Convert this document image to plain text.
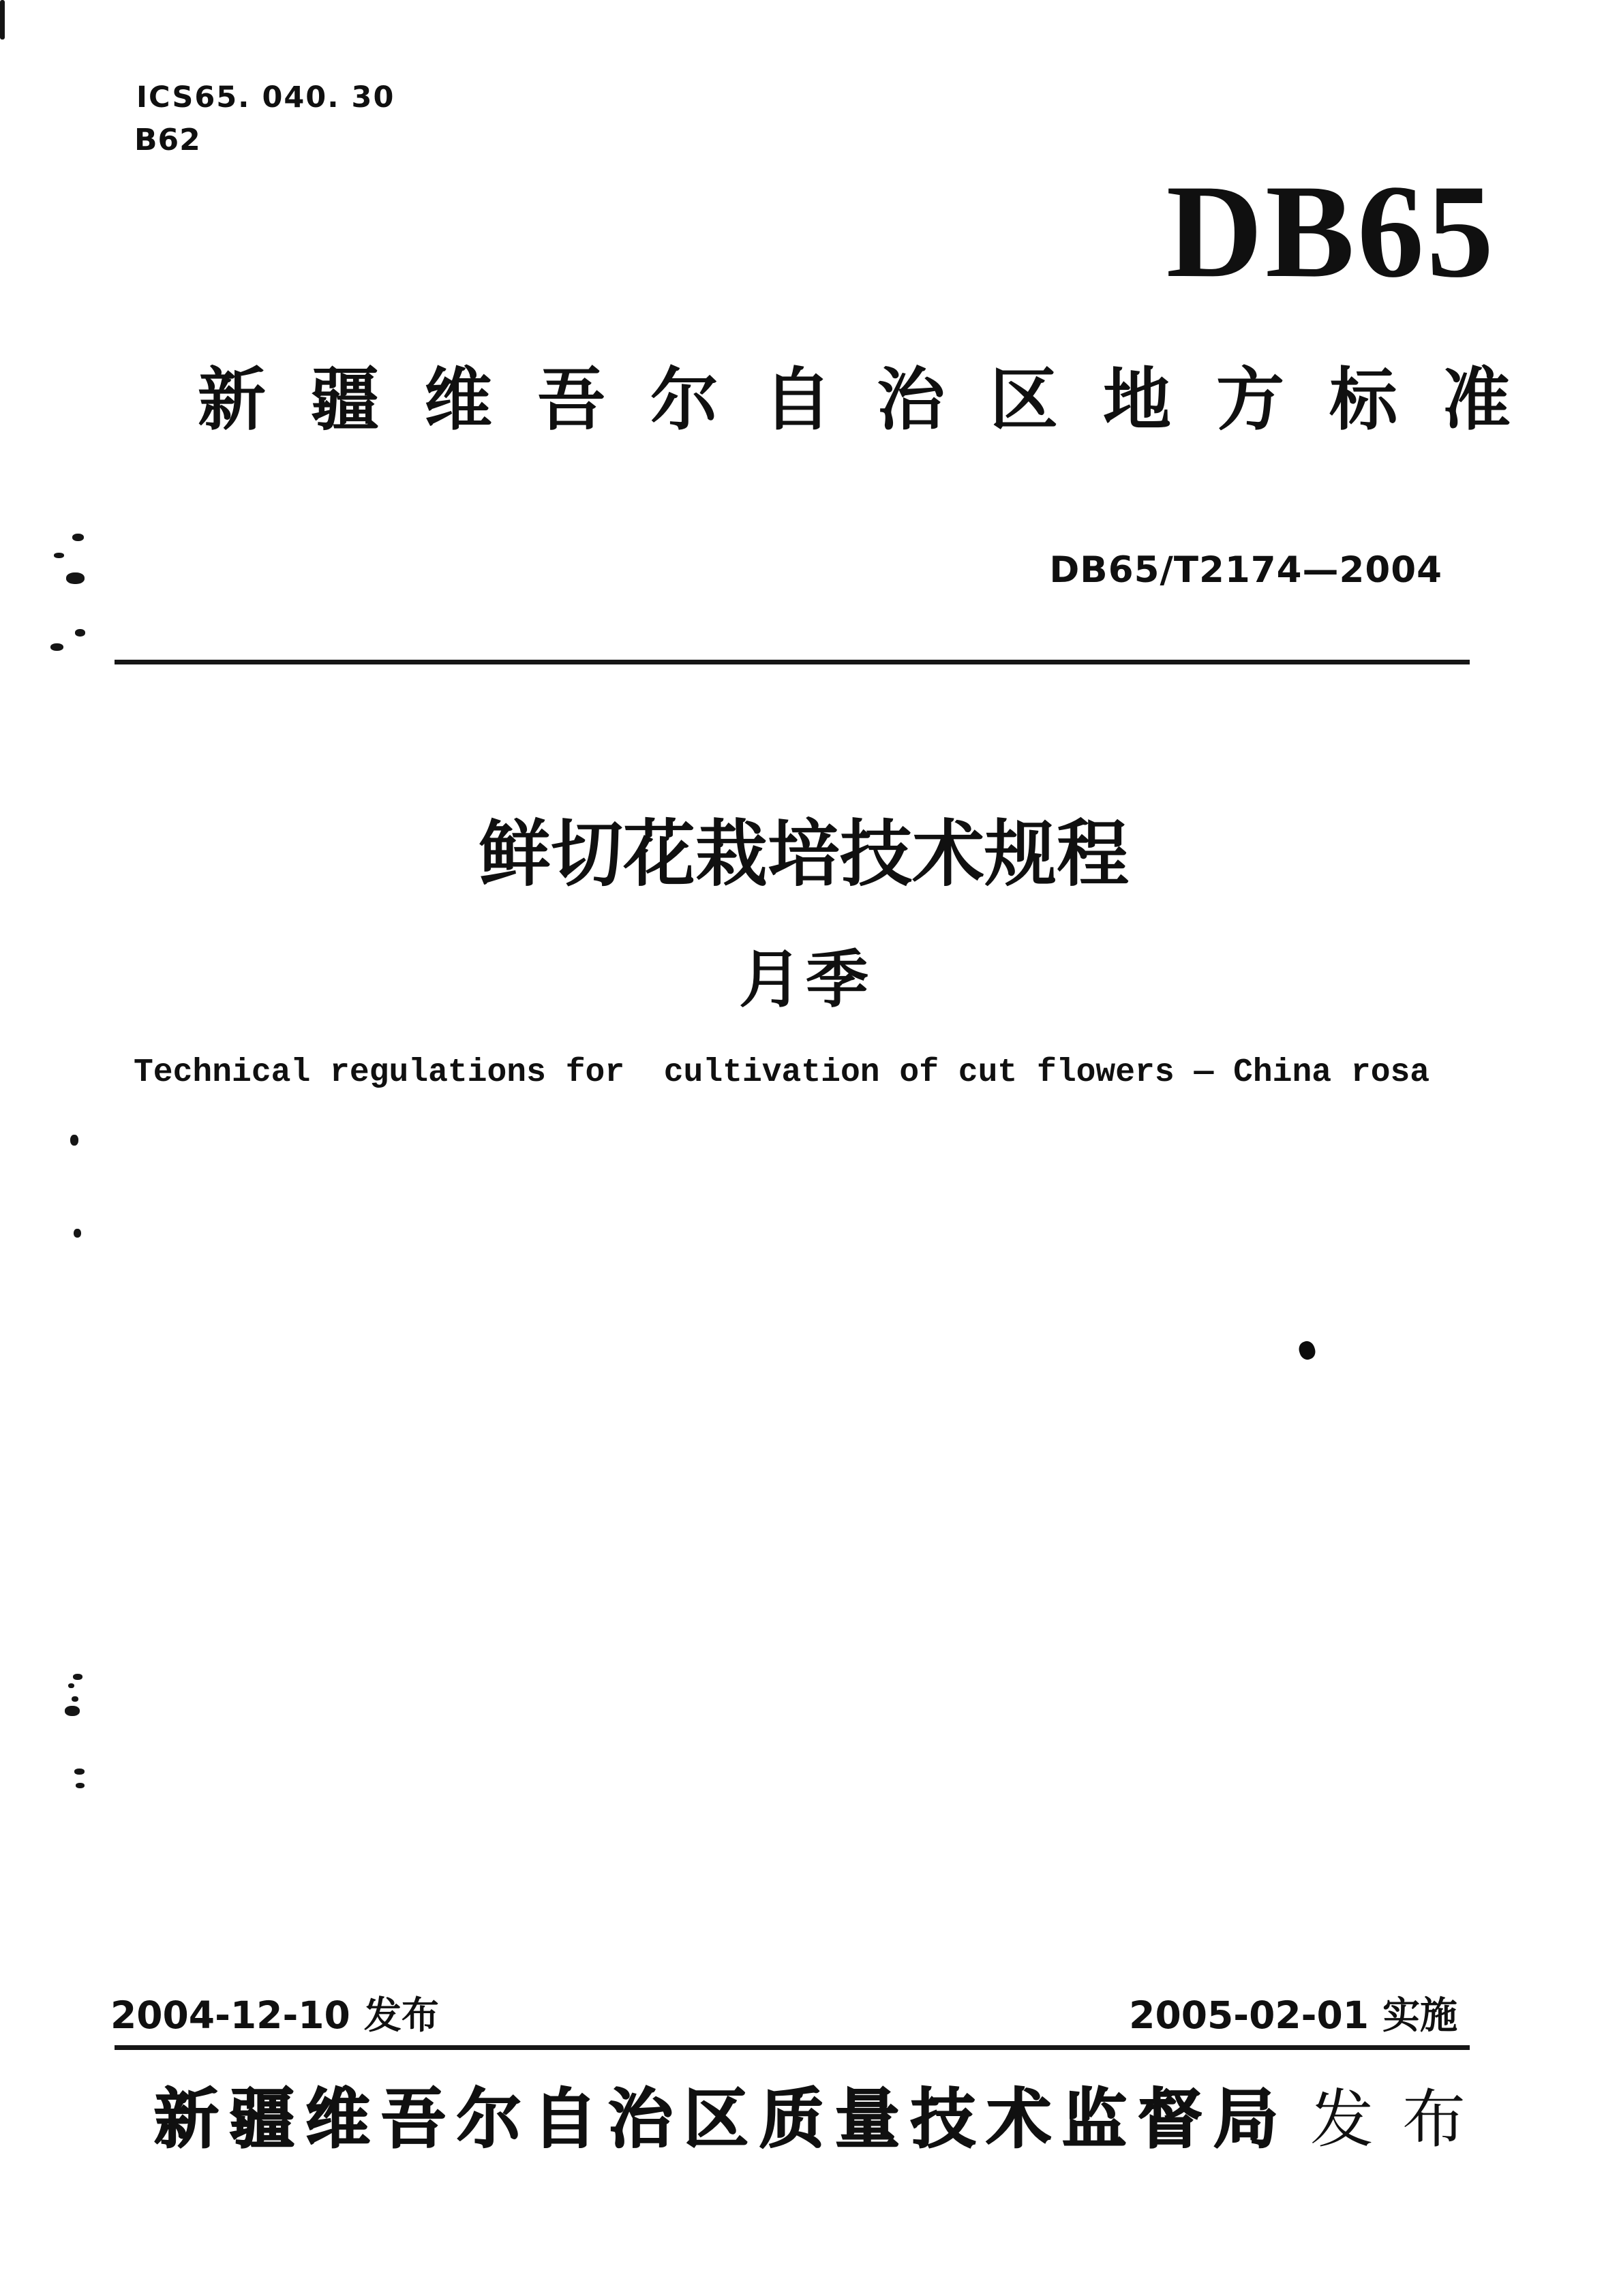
ICS65. 040. 30
B62
DB65
新疆维吾尔自治区地方标准
DB65/T2174—2004
鲜切花栽培技术规程
月季
Technical regulations for  cultivation of cut flowers — China rosa
2004-12-10 发布	2005-02-01 实施
新疆维吾尔自治区质量技术监督局 发布
